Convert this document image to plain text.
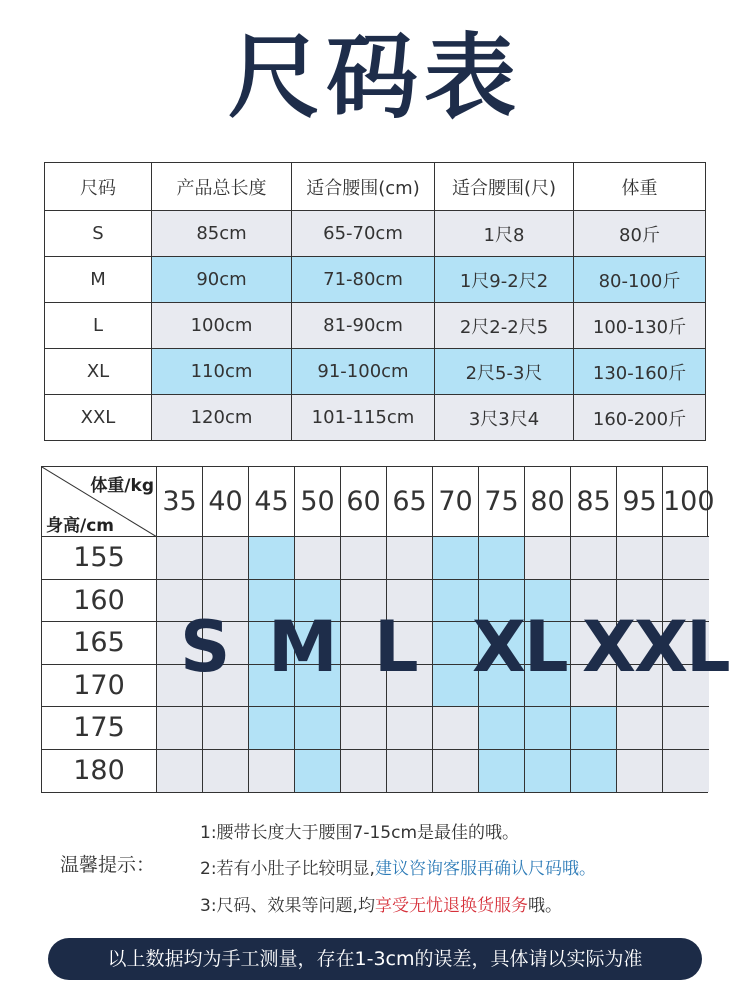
尺码表
尺码	产品总长度	适合腰围(cm)	适合腰围(尺)	体重
S	85cm	65-70cm	1尺8	80斤
M	90cm	71-80cm	1尺9-2尺2	80-100斤
L	100cm	81-90cm	2尺2-2尺5	100-130斤
XL	110cm	91-100cm	2尺5-3尺	130-160斤
XXL	120cm	101-115cm	3尺3尺4	160-200斤
体重/kg
身高/cm
35 40 45 50 60 65 70 75 80 85 95 100
155
160
165
170
175
180
S M L XL XXL
温馨提示：
1:腰带长度大于腰围7-15cm是最佳的哦。
2:若有小肚子比较明显,建议咨询客服再确认尺码哦。
3:尺码、效果等问题,均享受无忧退换货服务哦。
以上数据均为手工测量，存在1-3cm的误差，具体请以实际为准
